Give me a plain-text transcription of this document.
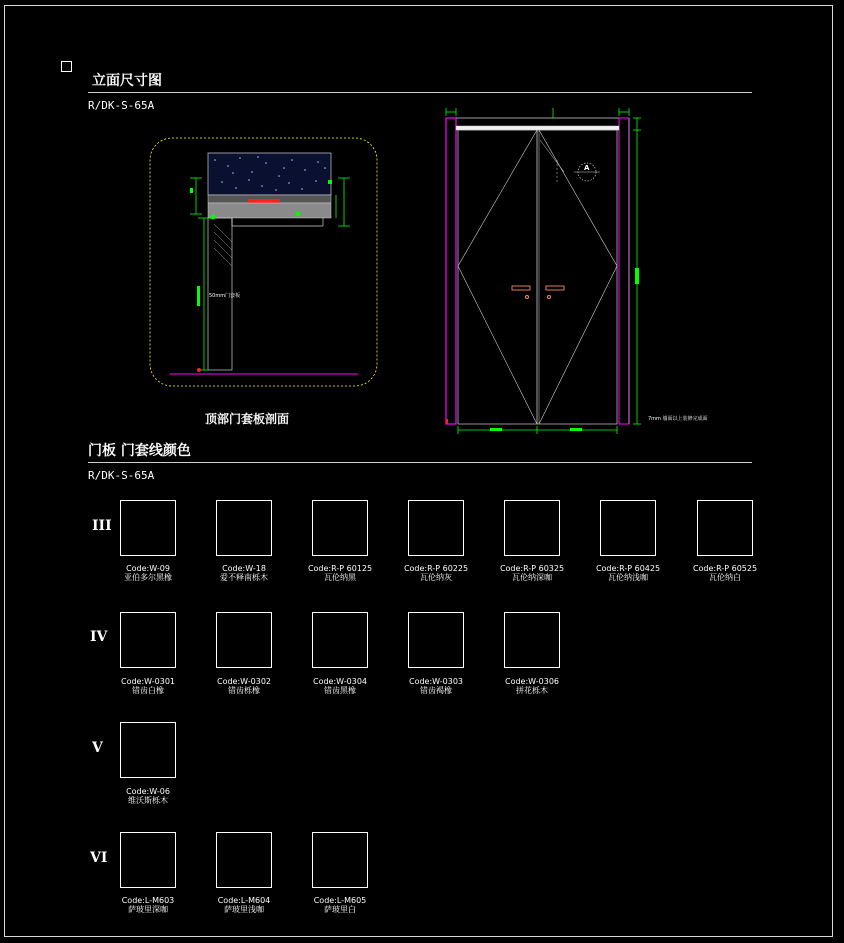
立面尺寸图
R/DK-S-65A
50mm门套板
A
7mm 墙面以上装修完成面
顶部门套板剖面
门板 门套线颜色
R/DK-S-65A
III
Code:W-09
亚伯多尔黑橡
Code:W-18
爱不释南栎木
Code:R-P 60125
瓦伦纳黑
Code:R-P 60225
瓦伦纳灰
Code:R-P 60325
瓦伦纳深咖
Code:R-P 60425
瓦伦纳浅咖
Code:R-P 60525
瓦伦纳白
IV
Code:W-0301
错齿白橡
Code:W-0302
错齿栎橡
Code:W-0304
错齿黑橡
Code:W-0303
错齿褐橡
Code:W-0306
拼花栎木
V
Code:W-06
维沃斯栎木
VI
Code:L-M603
萨玻里深咖
Code:L-M604
萨玻里浅咖
Code:L-M605
萨玻里白
